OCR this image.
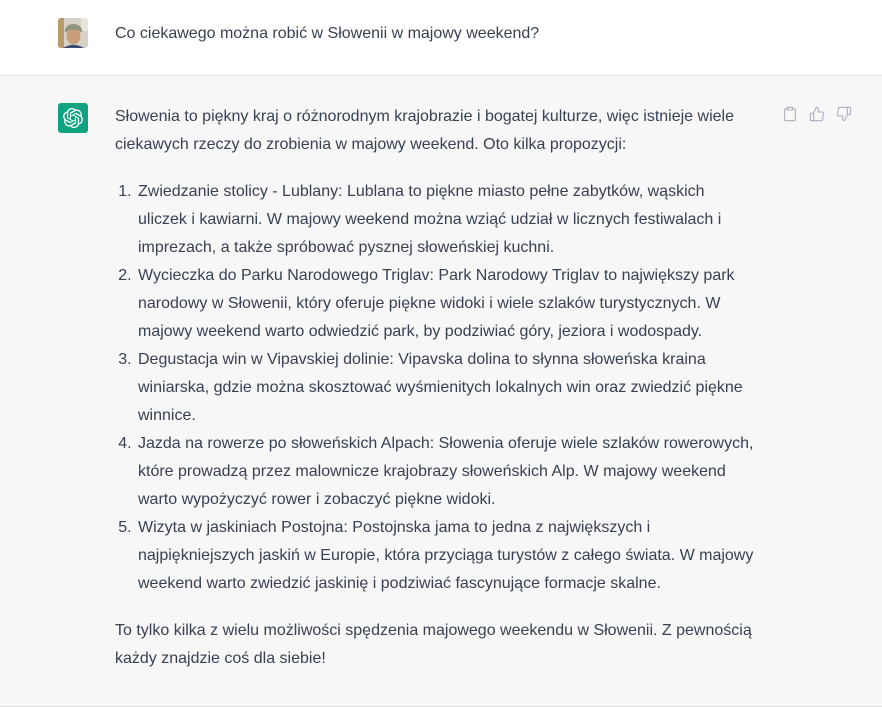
Co ciekawego można robić w Słowenii w majowy weekend?

Słowenia to piękny kraj o różnorodnym krajobrazie i bogatej kulturze, więc istnieje wiele ciekawych rzeczy do zrobienia w majowy weekend. Oto kilka propozycji:

1. Zwiedzanie stolicy - Lublany: Lublana to piękne miasto pełne zabytków, wąskich uliczek i kawiarni. W majowy weekend można wziąć udział w licznych festiwalach i imprezach, a także spróbować pysznej słoweńskiej kuchni.
2. Wycieczka do Parku Narodowego Triglav: Park Narodowy Triglav to największy park narodowy w Słowenii, który oferuje piękne widoki i wiele szlaków turystycznych. W majowy weekend warto odwiedzić park, by podziwiać góry, jeziora i wodospady.
3. Degustacja win w Vipavskiej dolinie: Vipavska dolina to słynna słoweńska kraina winiarska, gdzie można skosztować wyśmienitych lokalnych win oraz zwiedzić piękne winnice.
4. Jazda na rowerze po słoweńskich Alpach: Słowenia oferuje wiele szlaków rowerowych, które prowadzą przez malownicze krajobrazy słoweńskich Alp. W majowy weekend warto wypożyczyć rower i zobaczyć piękne widoki.
5. Wizyta w jaskiniach Postojna: Postojnska jama to jedna z największych i najpiękniejszych jaskiń w Europie, która przyciąga turystów z całego świata. W majowy weekend warto zwiedzić jaskinię i podziwiać fascynujące formacje skalne.

To tylko kilka z wielu możliwości spędzenia majowego weekendu w Słowenii. Z pewnością każdy znajdzie coś dla siebie!
